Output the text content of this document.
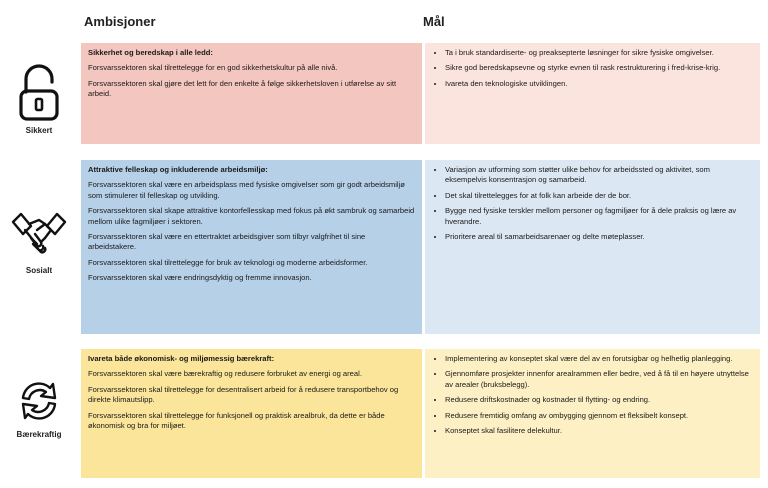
Ambisjoner	Mål
Sikkert
Sikkerhet og beredskap i alle ledd:

Forsvarssektoren skal tilrettelegge for en god sikkerhetskultur på alle nivå.

Forsvarssektoren skal gjøre det lett for den enkelte å følge sikkerhetsloven i utførelse av sitt arbeid.

• Ta i bruk standardiserte- og preaksepterte løsninger for sikre fysiske omgivelser.
• Sikre god beredskapsevne og styrke evnen til rask restrukturering i fred-krise-krig.
• Ivareta den teknologiske utviklingen.
Sosialt
Attraktive felleskap og inkluderende arbeidsmiljø:

Forsvarssektoren skal være en arbeidsplass med fysiske omgivelser som gir godt arbeidsmiljø som stimulerer til felleskap og utvikling.

Forsvarssektoren skal skape attraktive kontorfellesskap med fokus på økt sambruk og samarbeid mellom ulike fagmiljøer i sektoren.

Forsvarssektoren skal være en ettertraktet arbeidsgiver som tilbyr valgfrihet til sine arbeidstakere.

Forsvarssektoren skal tilrettelegge for bruk av teknologi og moderne arbeidsformer.

Forsvarssektoren skal være endringsdyktig og fremme innovasjon.

• Variasjon av utforming som støtter ulike behov for arbeidssted og aktivitet, som eksempelvis konsentrasjon og samarbeid.
• Det skal tilrettelegges for at folk kan arbeide der de bor.
• Bygge ned fysiske terskler mellom personer og fagmiljøer for å dele praksis og lære av hverandre.
• Prioritere areal til samarbeidsarenaer og delte møteplasser.
Bærekraftig
Ivareta både økonomisk- og miljømessig bærekraft:

Forsvarssektoren skal være bærekraftig og redusere forbruket av energi og areal.

Forsvarssektoren skal tilrettelegge for desentralisert arbeid for å redusere transportbehov og direkte klimautslipp.

Forsvarssektoren skal tilrettelegge for funksjonell og praktisk arealbruk, da dette er både økonomisk og bra for miljøet.

• Implementering av konseptet skal være del av en forutsigbar og helhetlig planlegging.
• Gjennomføre prosjekter innenfor arealrammen eller bedre, ved å få til en høyere utnyttelse av arealer (bruksbelegg).
• Redusere driftskostnader og kostnader til flytting- og endring.
• Redusere fremtidig omfang av ombygging gjennom et fleksibelt konsept.
• Konseptet skal fasilitere delekultur.
